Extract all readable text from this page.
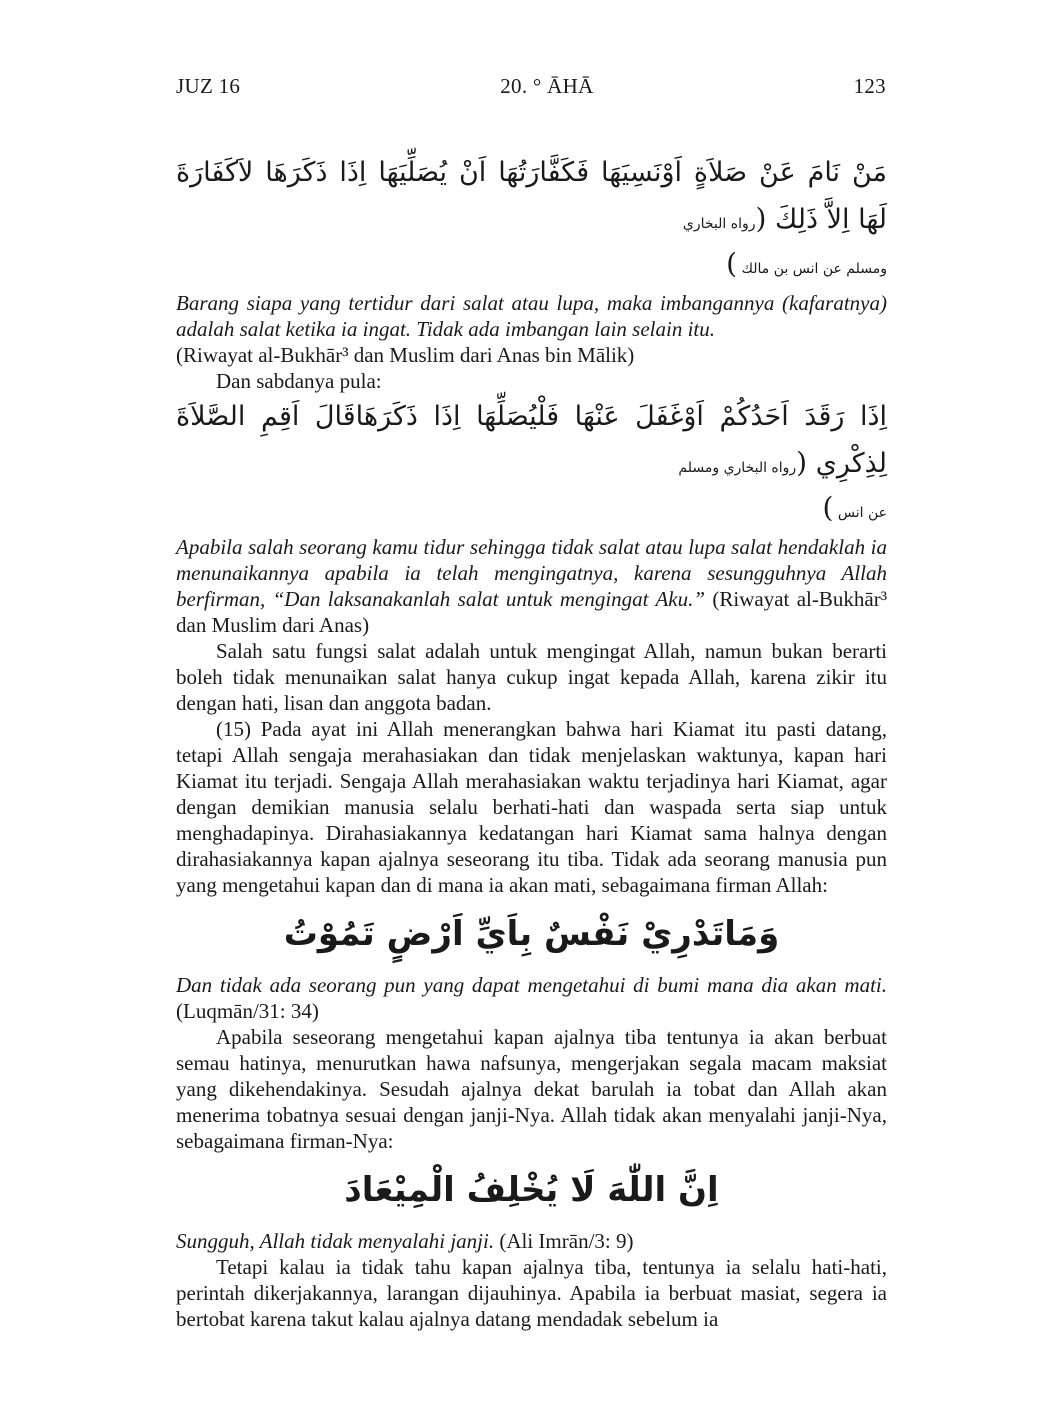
JUZ 16	20. ° ĀHĀ	123
مَنْ نَامَ عَنْ صَلاَةٍ اَوْنَسِيَهَا فَكَفَّارَتُهَا اَنْ يُصَلِّيَهَا اِذَا ذَكَرَهَا لاَكَفَارَةَ لَهَا اِلاَّ ذَلِكَ (رواه البخاري
ومسلم عن انس بن مالك )

Barang siapa yang tertidur dari salat atau lupa, maka imbangannya (kafaratnya) adalah salat ketika ia ingat. Tidak ada imbangan lain selain itu.

(Riwayat al-Bukhār³ dan Muslim dari Anas bin Mālik)

Dan sabdanya pula:

اِذَا رَقَدَ اَحَدُكُمْ اَوْغَفَلَ عَنْهَا فَلْيُصَلِّهَا اِذَا ذَكَرَهَاقَالَ اَقِمِ الصَّلاَةَ لِذِكْرِي (رواه البخاري ومسلم
عن انس )

Apabila salah seorang kamu tidur sehingga tidak salat atau lupa salat hendaklah ia menunaikannya apabila ia telah mengingatnya, karena sesungguhnya Allah berfirman, “Dan laksanakanlah salat untuk mengingat Aku.” (Riwayat al-Bukhār³ dan Muslim dari Anas)

Salah satu fungsi salat adalah untuk mengingat Allah, namun bukan berarti boleh tidak menunaikan salat hanya cukup ingat kepada Allah, karena zikir itu dengan hati, lisan dan anggota badan.

(15) Pada ayat ini Allah menerangkan bahwa hari Kiamat itu pasti datang, tetapi Allah sengaja merahasiakan dan tidak menjelaskan waktunya, kapan hari Kiamat itu terjadi. Sengaja Allah merahasiakan waktu terjadinya hari Kiamat, agar dengan demikian manusia selalu berhati-hati dan waspada serta siap untuk menghadapinya. Dirahasiakannya kedatangan hari Kiamat sama halnya dengan dirahasiakannya kapan ajalnya seseorang itu tiba. Tidak ada seorang manusia pun yang mengetahui kapan dan di mana ia akan mati, sebagaimana firman Allah:

وَمَاتَدْرِيْ نَفْسٌ بِاَيِّ اَرْضٍ تَمُوْتُ

Dan tidak ada seorang pun yang dapat mengetahui di bumi mana dia akan mati. (Luqmān/31: 34)

Apabila seseorang mengetahui kapan ajalnya tiba tentunya ia akan berbuat semau hatinya, menurutkan hawa nafsunya, mengerjakan segala macam maksiat yang dikehendakinya. Sesudah ajalnya dekat barulah ia tobat dan Allah akan menerima tobatnya sesuai dengan janji-Nya. Allah tidak akan menyalahi janji-Nya, sebagaimana firman-Nya:

اِنَّ اللّٰهَ لَا يُخْلِفُ الْمِيْعَادَ

Sungguh, Allah tidak menyalahi janji. (Ali Imrān/3: 9)

Tetapi kalau ia tidak tahu kapan ajalnya tiba, tentunya ia selalu hati-hati, perintah dikerjakannya, larangan dijauhinya. Apabila ia berbuat masiat, segera ia bertobat karena takut kalau ajalnya datang mendadak sebelum ia
